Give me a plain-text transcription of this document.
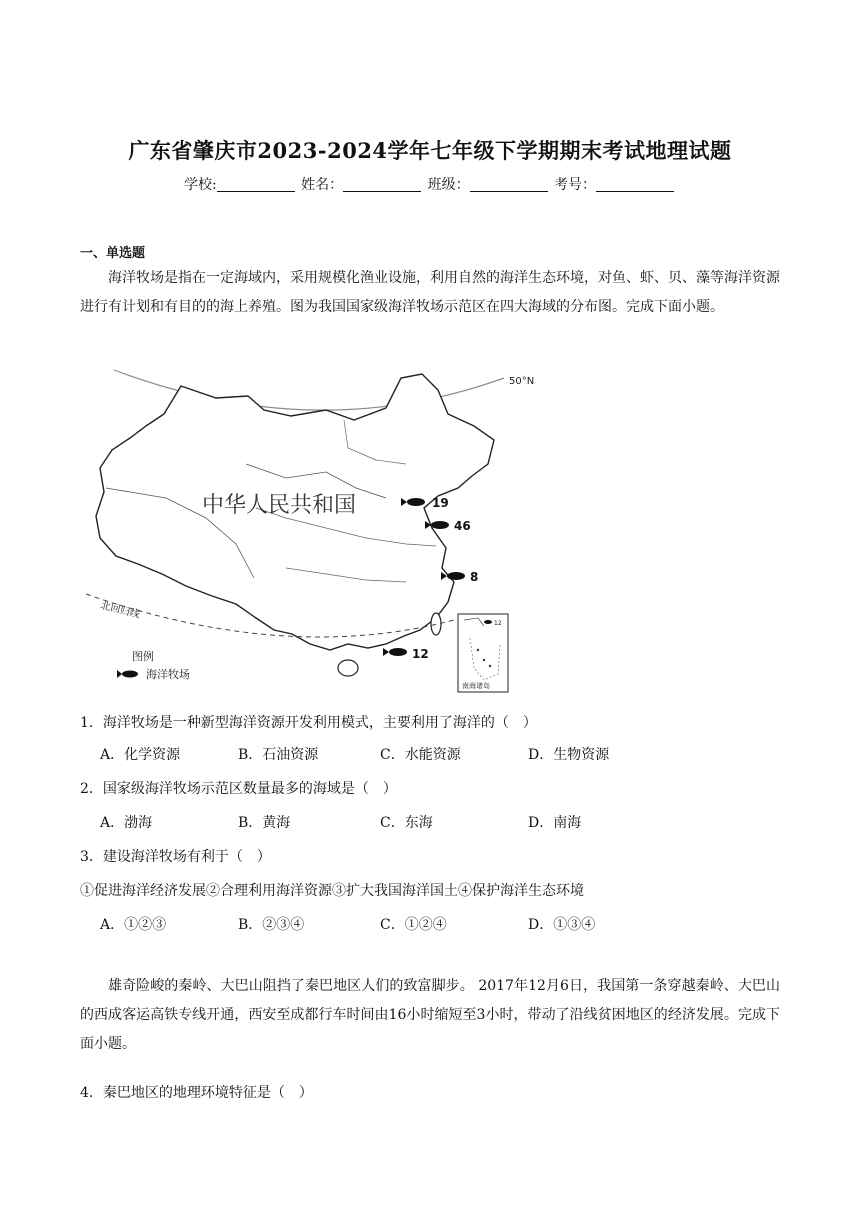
广东省肇庆市2023-2024学年七年级下学期期末考试地理试题
学校:	姓名：	班级：	考号：
一、单选题
海洋牧场是指在一定海域内，采用规模化渔业设施，利用自然的海洋生态环境，对鱼、虾、贝、藻等海洋资源进行有计划和有目的的海上养殖。图为我国国家级海洋牧场示范区在四大海域的分布图。完成下面小题。
50°N
北回归线
中华人民共和国	19
46
8
12
12
南海诸岛
图例
海洋牧场
1．海洋牧场是一种新型海洋资源开发利用模式，主要利用了海洋的（　）
A．化学资源	B．石油资源	C．水能资源	D．生物资源
2．国家级海洋牧场示范区数量最多的海域是（　）
A．渤海	B．黄海	C．东海	D．南海
3．建设海洋牧场有利于（　）
①促进海洋经济发展②合理利用海洋资源③扩大我国海洋国土④保护海洋生态环境
A．①②③	B．②③④	C．①②④	D．①③④
雄奇险峻的秦岭、大巴山阻挡了秦巴地区人们的致富脚步。 2017年12月6日，我国第一条穿越秦岭、大巴山的西成客运高铁专线开通，西安至成都行车时间由16小时缩短至3小时，带动了沿线贫困地区的经济发展。完成下面小题。
4．秦巴地区的地理环境特征是（　）
